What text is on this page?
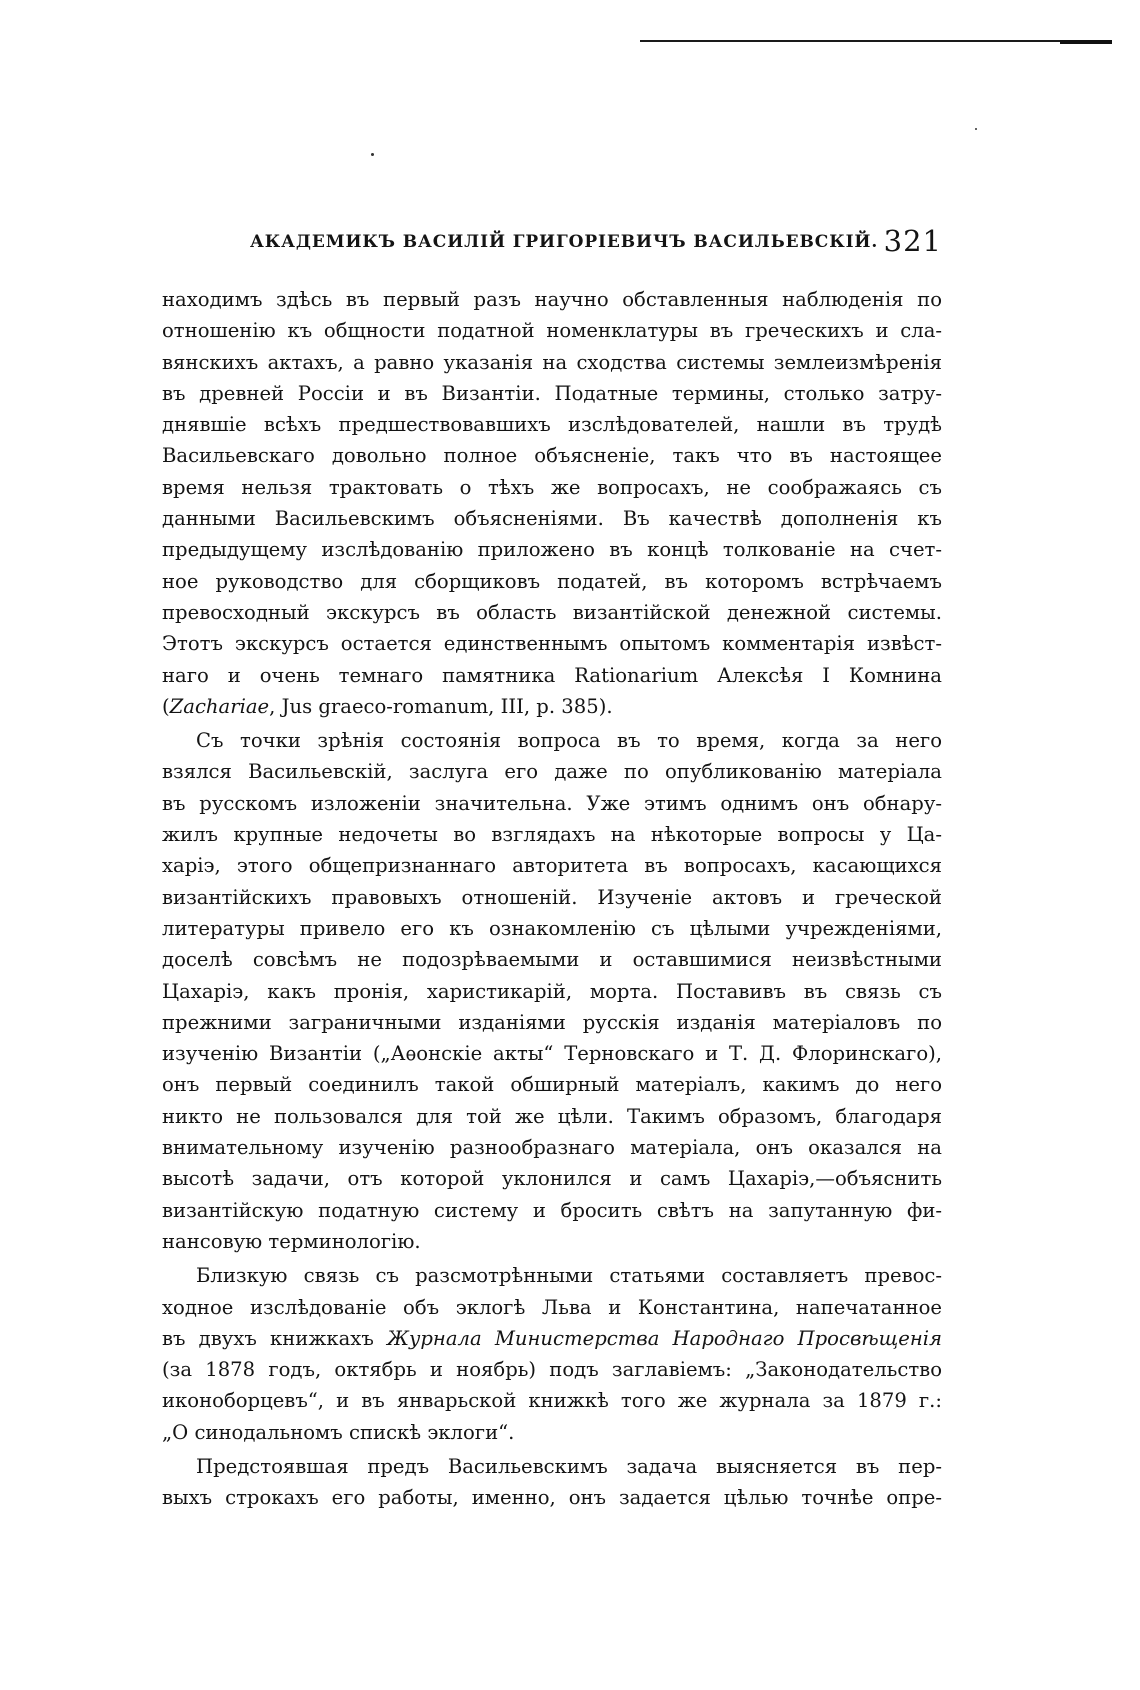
АКАДЕМИКЪ ВАСИЛІЙ ГРИГОРІЕВИЧЪ ВАСИЛЬЕВСКІЙ. 321
находимъ здѣсь въ первый разъ научно обставленныя наблюденія по
отношенію къ общности податной номенклатуры въ греческихъ и сла-
вянскихъ актахъ, а равно указанія на сходства системы землеизмѣренія
въ древней Россіи и въ Византіи. Податные термины, столько затру-
днявшіе всѣхъ предшествовавшихъ изслѣдователей, нашли въ трудѣ
Васильевскаго довольно полное объясненіе, такъ что въ настоящее
время нельзя трактовать о тѣхъ же вопросахъ, не соображаясь съ
данными Васильевскимъ объясненіями. Въ качествѣ дополненія къ
предыдущему изслѣдованію приложено въ концѣ толкованіе на счет-
ное руководство для сборщиковъ податей, въ которомъ встрѣчаемъ
превосходный экскурсъ въ область византійской денежной системы.
Этотъ экскурсъ остается единственнымъ опытомъ комментарія извѣст-
наго и очень темнаго памятника Rationarium Алексѣя I Комнина
(Zachariae, Jus graeco-romanum, III, p. 385).
Съ точки зрѣнія состоянія вопроса въ то время, когда за него
взялся Васильевскій, заслуга его даже по опубликованію матеріала
въ русскомъ изложеніи значительна. Уже этимъ однимъ онъ обнару-
жилъ крупные недочеты во взглядахъ на нѣкоторые вопросы у Ца-
харіэ, этого общепризнаннаго авторитета въ вопросахъ, касающихся
византійскихъ правовыхъ отношеній. Изученіе актовъ и греческой
литературы привело его къ ознакомленію съ цѣлыми учрежденіями,
доселѣ совсѣмъ не подозрѣваемыми и оставшимися неизвѣстными
Цахаріэ, какъ пронія, харистикарій, морта. Поставивъ въ связь съ
прежними заграничными изданіями русскія изданія матеріаловъ по
изученію Византіи („Аѳонскіе акты“ Терновскаго и Т. Д. Флоринскаго),
онъ первый соединилъ такой обширный матеріалъ, какимъ до него
никто не пользовался для той же цѣли. Такимъ образомъ, благодаря
внимательному изученію разнообразнаго матеріала, онъ оказался на
высотѣ задачи, отъ которой уклонился и самъ Цахаріэ,—объяснить
византійскую податную систему и бросить свѣтъ на запутанную фи-
нансовую терминологію.
Близкую связь съ разсмотрѣнными статьями составляетъ превос-
ходное изслѣдованіе объ эклогѣ Льва и Константина, напечатанное
въ двухъ книжкахъ Журнала Министерства Народнаго Просвѣщенія
(за 1878 годъ, октябрь и ноябрь) подъ заглавіемъ: „Законодательство
иконоборцевъ“, и въ январьской книжкѣ того же журнала за 1879 г.:
„О синодальномъ спискѣ эклоги“.
Предстоявшая предъ Васильевскимъ задача выясняется въ пер-
выхъ строкахъ его работы, именно, онъ задается цѣлью точнѣе опре-
